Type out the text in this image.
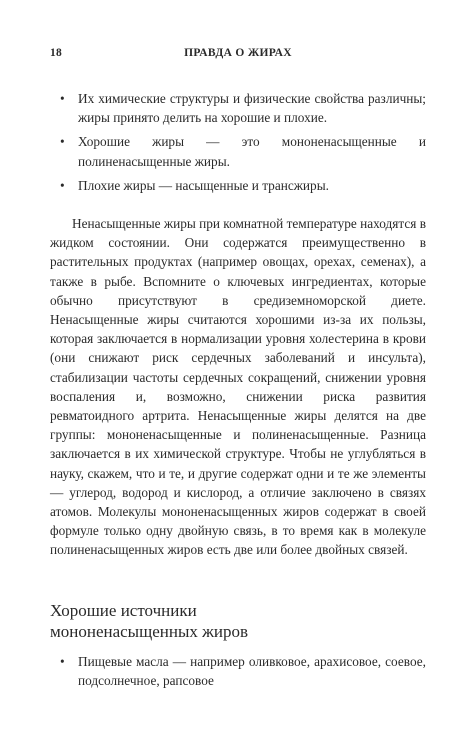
18	ПРАВДА О ЖИРАХ
• Их химические структуры и физические свойства различны; жиры принято делить на хорошие и плохие.
• Хорошие жиры — это мононенасыщенные и полиненасыщенные жиры.
• Плохие жиры — насыщенные и трансжиры.

Ненасыщенные жиры при комнатной температуре находятся в жидком состоянии. Они содержатся преимущественно в растительных продуктах (например овощах, орехах, семенах), а также в рыбе. Вспомните о ключевых ингредиентах, которые обычно присутствуют в средиземноморской диете. Ненасыщенные жиры считаются хорошими из-за их пользы, которая заключается в нормализации уровня холестерина в крови (они снижают риск сердечных заболеваний и инсульта), стабилизации частоты сердечных сокращений, снижении уровня воспаления и, возможно, снижении риска развития ревматоидного артрита. Ненасыщенные жиры делятся на две группы: мононенасыщенные и полиненасыщенные. Разница заключается в их химической структуре. Чтобы не углубляться в науку, скажем, что и те, и другие содержат одни и те же элементы — углерод, водород и кислород, а отличие заключено в связях атомов. Молекулы мононенасыщенных жиров содержат в своей формуле только одну двойную связь, в то время как в молекуле полиненасыщенных жиров есть две или более двойных связей.

Хорошие источники
мононенасыщенных жиров
• Пищевые масла — например оливковое, арахисовое, соевое, подсолнечное, рапсовое
